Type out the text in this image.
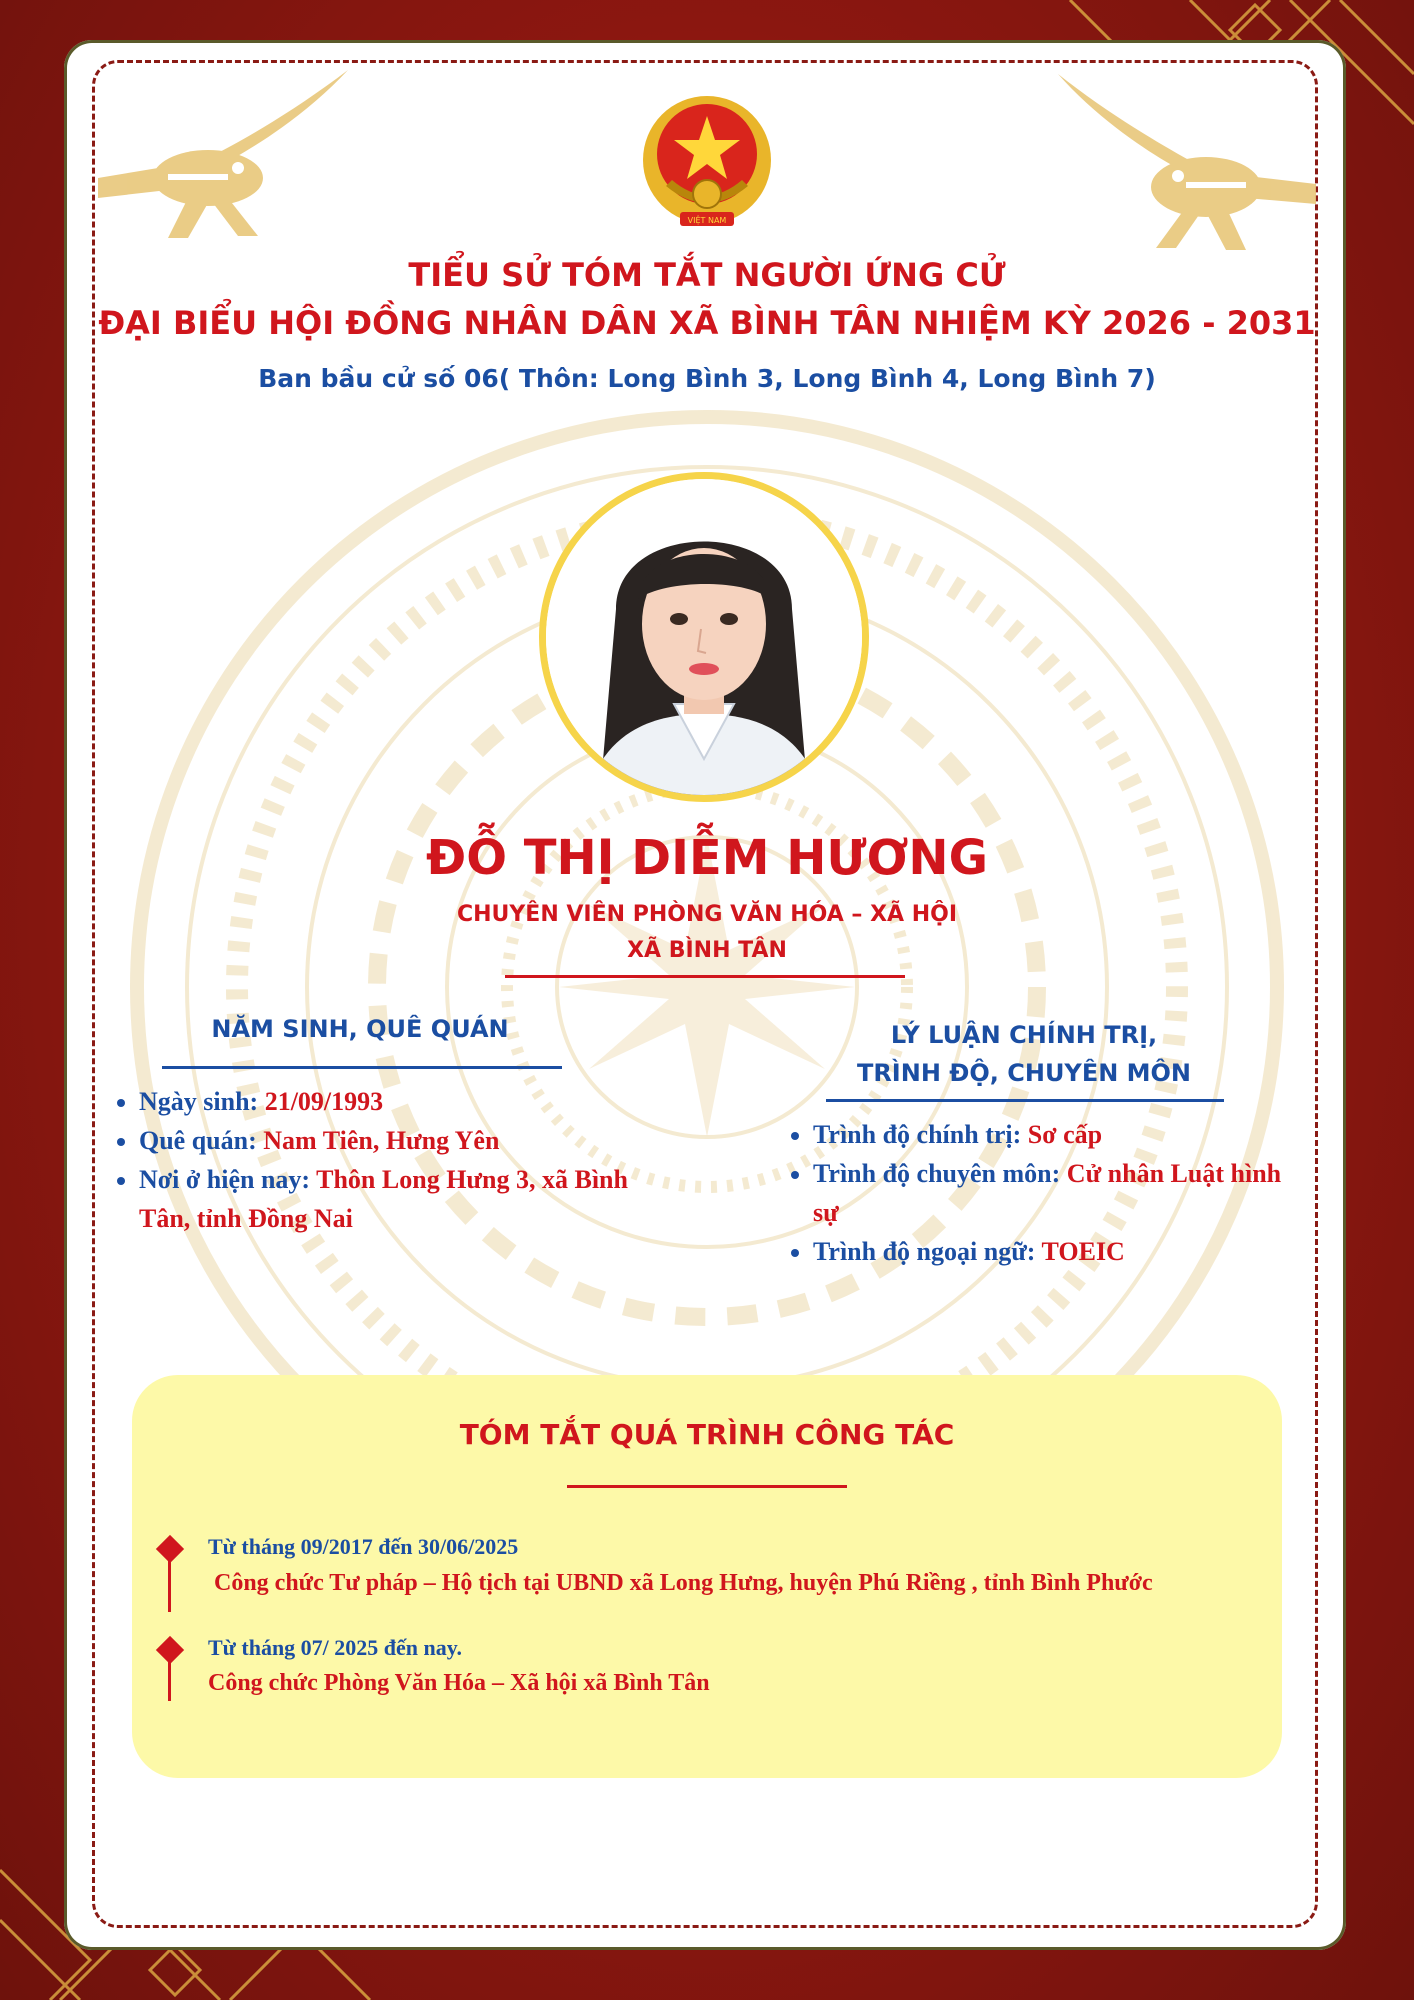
VIỆT NAM
TIỂU SỬ TÓM TẮT NGƯỜI ỨNG CỬ
ĐẠI BIỂU HỘI ĐỒNG NHÂN DÂN XÃ BÌNH TÂN NHIỆM KỲ 2026 - 2031
Ban bầu cử số 06( Thôn: Long Bình 3, Long Bình 4, Long Bình 7)
ĐỖ THỊ DIỄM HƯƠNG
CHUYÊN VIÊN PHÒNG VĂN HÓA – XÃ HỘI
XÃ BÌNH TÂN
NĂM SINH, QUÊ QUÁN
• Ngày sinh: 21/09/1993
• Quê quán: Nam Tiên, Hưng Yên
• Nơi ở hiện nay: Thôn Long Hưng 3, xã Bình Tân, tỉnh Đồng Nai
LÝ LUẬN CHÍNH TRỊ,
TRÌNH ĐỘ, CHUYÊN MÔN
• Trình độ chính trị: Sơ cấp
• Trình độ chuyên môn: Cử nhân Luật hình sự
• Trình độ ngoại ngữ: TOEIC
TÓM TẮT QUÁ TRÌNH CÔNG TÁC
Từ tháng 09/2017 đến 30/06/2025
Công chức Tư pháp – Hộ tịch tại UBND xã Long Hưng, huyện Phú Riềng , tỉnh Bình Phước
Từ tháng 07/ 2025 đến nay.
Công chức Phòng Văn Hóa – Xã hội xã Bình Tân
